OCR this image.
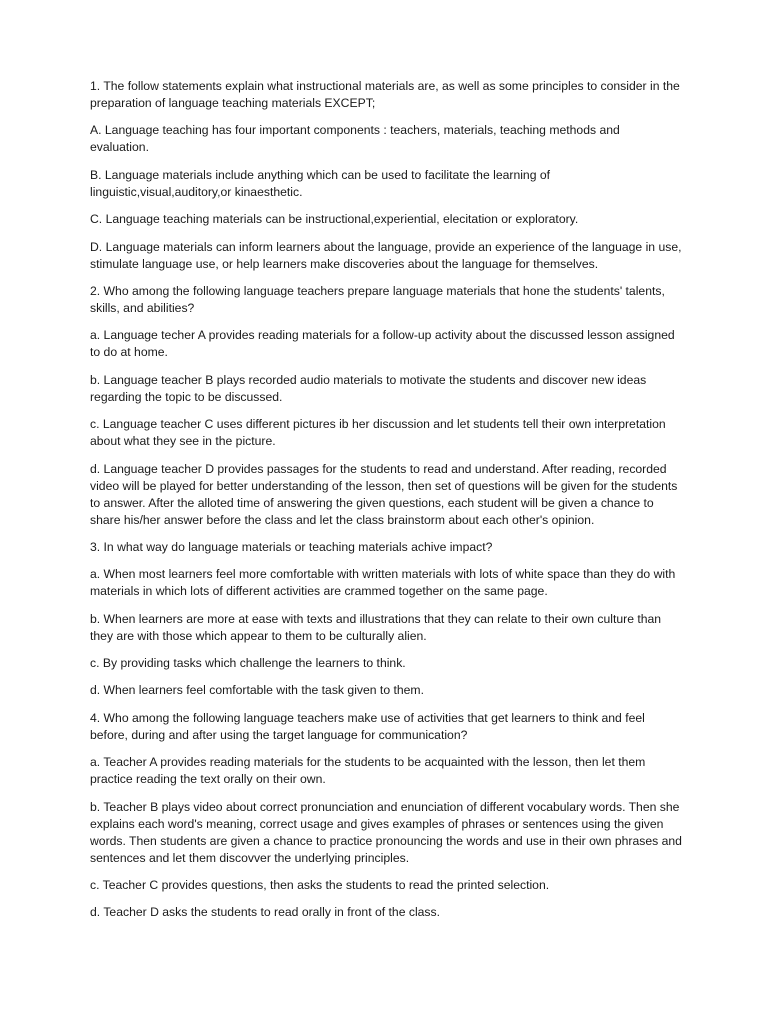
1. The follow statements explain what instructional materials are, as well as some principles to consider in the preparation of language teaching materials EXCEPT;

A. Language teaching has four important components : teachers, materials, teaching methods and evaluation.

B. Language materials include anything which can be used to facilitate the learning of linguistic,visual,auditory,or kinaesthetic.

C. Language teaching materials can be instructional,experiential, elecitation or exploratory.

D. Language materials can inform learners about the language, provide an experience of the language in use, stimulate language use, or help learners make discoveries about the language for themselves.

2. Who among the following language teachers prepare language materials that hone the students' talents, skills, and abilities?

a. Language techer A provides reading materials for a follow-up activity about the discussed lesson assigned to do at home.

b. Language teacher B plays recorded audio materials to motivate the students and discover new ideas regarding the topic to be discussed.

c. Language teacher C uses different pictures ib her discussion and let students tell their own interpretation about what they see in the picture.

d. Language teacher D provides passages for the students to read and understand. After reading, recorded video will be played for better understanding of the lesson, then set of questions will be given for the students to answer. After the alloted time of answering the given questions, each student will be given a chance to share his/her answer before the class and let the class brainstorm about each other's opinion.

3. In what way do language materials or teaching materials achive impact?

a. When most learners feel more comfortable with written materials with lots of white space than they do with materials in which lots of different activities are crammed together on the same page.

b. When learners are more at ease with texts and illustrations that they can relate to their own culture than they are with those which appear to them to be culturally alien.

c. By providing tasks which challenge the learners to think.

d. When learners feel comfortable with the task given to them.

4. Who among the following language teachers make use of activities that get learners to think and feel before, during and after using the target language for communication?

a. Teacher A provides reading materials for the students to be acquainted with the lesson, then let them practice reading the text orally on their own.

b. Teacher B plays video about correct pronunciation and enunciation of different vocabulary words. Then she explains each word's meaning, correct usage and gives examples of phrases or sentences using the given words. Then students are given a chance to practice pronouncing the words and use in their own phrases and sentences and let them discovver the underlying principles.

c. Teacher C provides questions, then asks the students to read the printed selection.

d. Teacher D asks the students to read orally in front of the class.
